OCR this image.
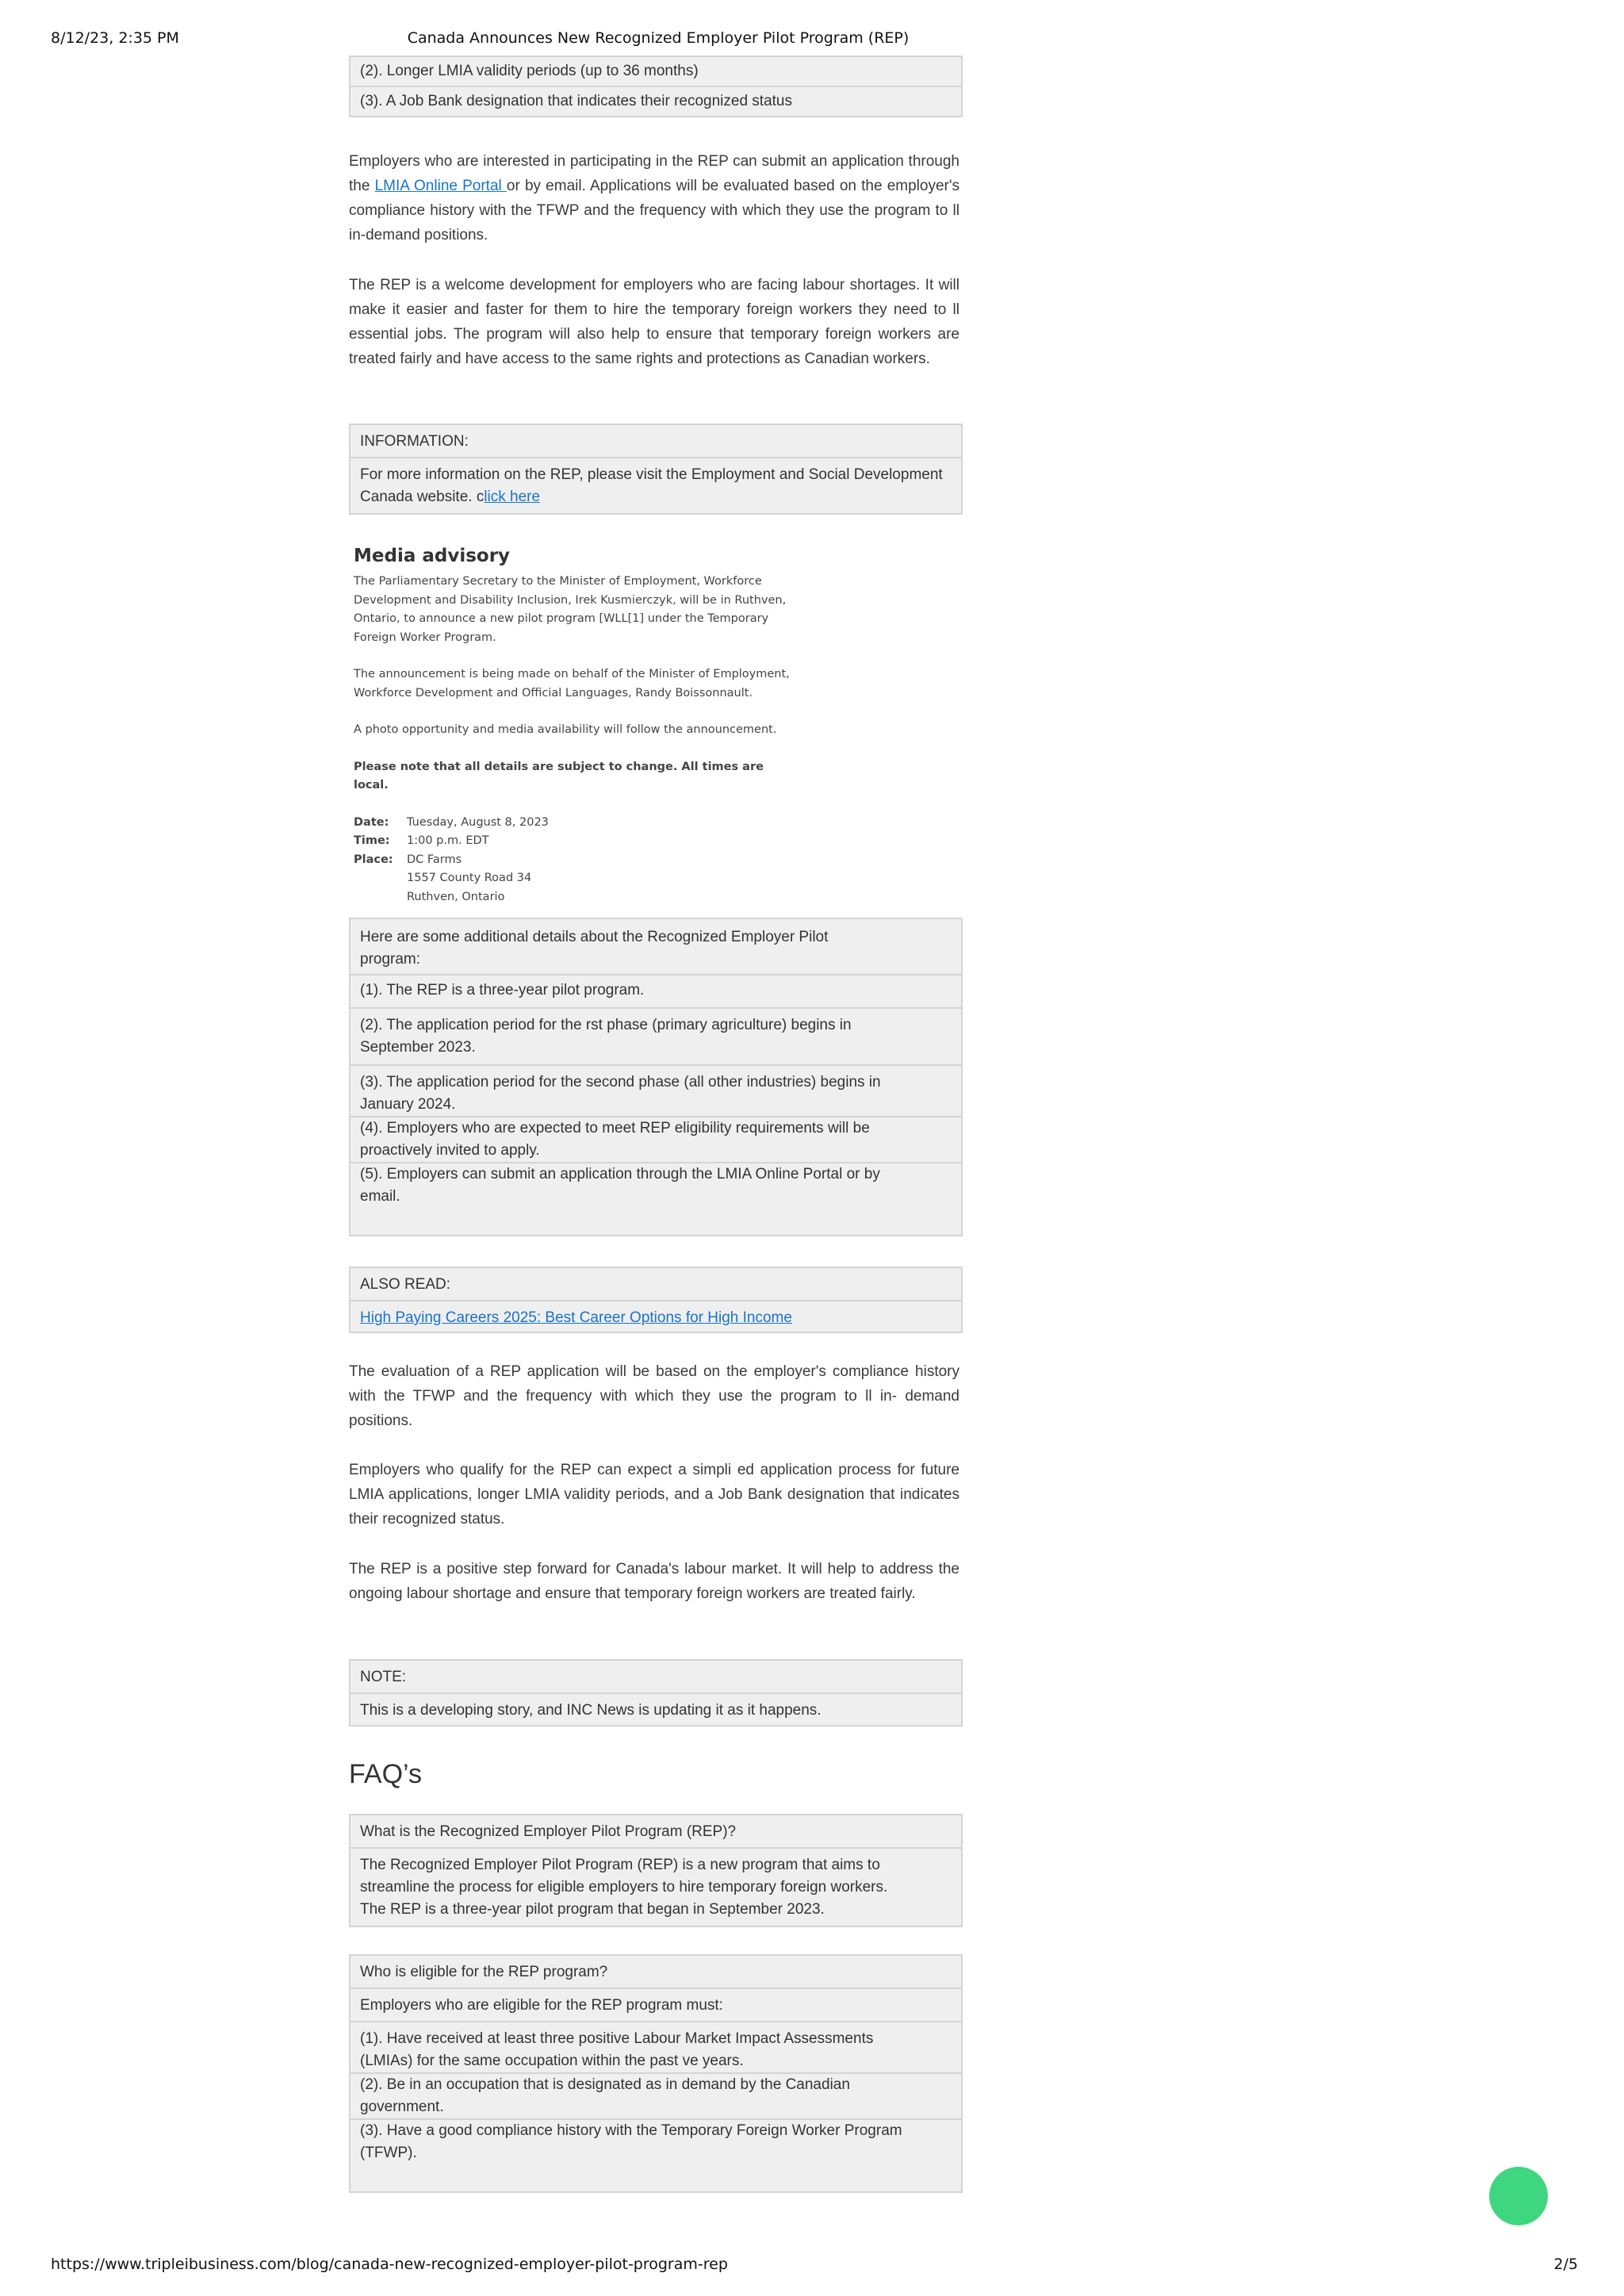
8/12/23, 2:35 PM	Canada Announces New Recognized Employer Pilot Program (REP)
(2). Longer LMIA validity periods (up to 36 months)
(3). A Job Bank designation that indicates their recognized status

Employers who are interested in participating in the REP can submit an application through the LMIA Online Portal or by email. Applications will be evaluated based on the employer's compliance history with the TFWP and the frequency with which they use the program to ll in-demand positions.

The REP is a welcome development for employers who are facing labour shortages. It will make it easier and faster for them to hire the temporary foreign workers they need to ll essential jobs. The program will also help to ensure that temporary foreign workers are treated fairly and have access to the same rights and protections as Canadian workers.

INFORMATION:
For more information on the REP, please visit the Employment and Social Development Canada website. click here
Media advisory

The Parliamentary Secretary to the Minister of Employment, Workforce Development and Disability Inclusion, Irek Kusmierczyk, will be in Ruthven, Ontario, to announce a new pilot program [WLL[1] under the Temporary Foreign Worker Program.

The announcement is being made on behalf of the Minister of Employment, Workforce Development and Official Languages, Randy Boissonnault.

A photo opportunity and media availability will follow the announcement.

Please note that all details are subject to change. All times are local.

Date:	Tuesday, August 8, 2023
Time:	1:00 p.m. EDT
Place:	DC Farms
1557 County Road 34
Ruthven, Ontario
Here are some additional details about the Recognized Employer Pilot program:
(1). The REP is a three-year pilot program.
(2). The application period for the rst phase (primary agriculture) begins in September 2023.
(3). The application period for the second phase (all other industries) begins in January 2024.
(4). Employers who are expected to meet REP eligibility requirements will be proactively invited to apply.
(5). Employers can submit an application through the LMIA Online Portal or by email.
ALSO READ:
High Paying Careers 2025: Best Career Options for High Income

The evaluation of a REP application will be based on the employer's compliance history with the TFWP and the frequency with which they use the program to ll in- demand positions.

Employers who qualify for the REP can expect a simpli ed application process for future LMIA applications, longer LMIA validity periods, and a Job Bank designation that indicates their recognized status.

The REP is a positive step forward for Canada's labour market. It will help to address the ongoing labour shortage and ensure that temporary foreign workers are treated fairly.

NOTE:
This is a developing story, and INC News is updating it as it happens.
FAQ’s
What is the Recognized Employer Pilot Program (REP)?
The Recognized Employer Pilot Program (REP) is a new program that aims to streamline the process for eligible employers to hire temporary foreign workers.
The REP is a three-year pilot program that began in September 2023.
Who is eligible for the REP program?
Employers who are eligible for the REP program must:
(1). Have received at least three positive Labour Market Impact Assessments (LMIAs) for the same occupation within the past ve years.
(2). Be in an occupation that is designated as in demand by the Canadian government.
(3). Have a good compliance history with the Temporary Foreign Worker Program (TFWP).
https://www.tripleibusiness.com/blog/canada-new-recognized-employer-pilot-program-rep	2/5
